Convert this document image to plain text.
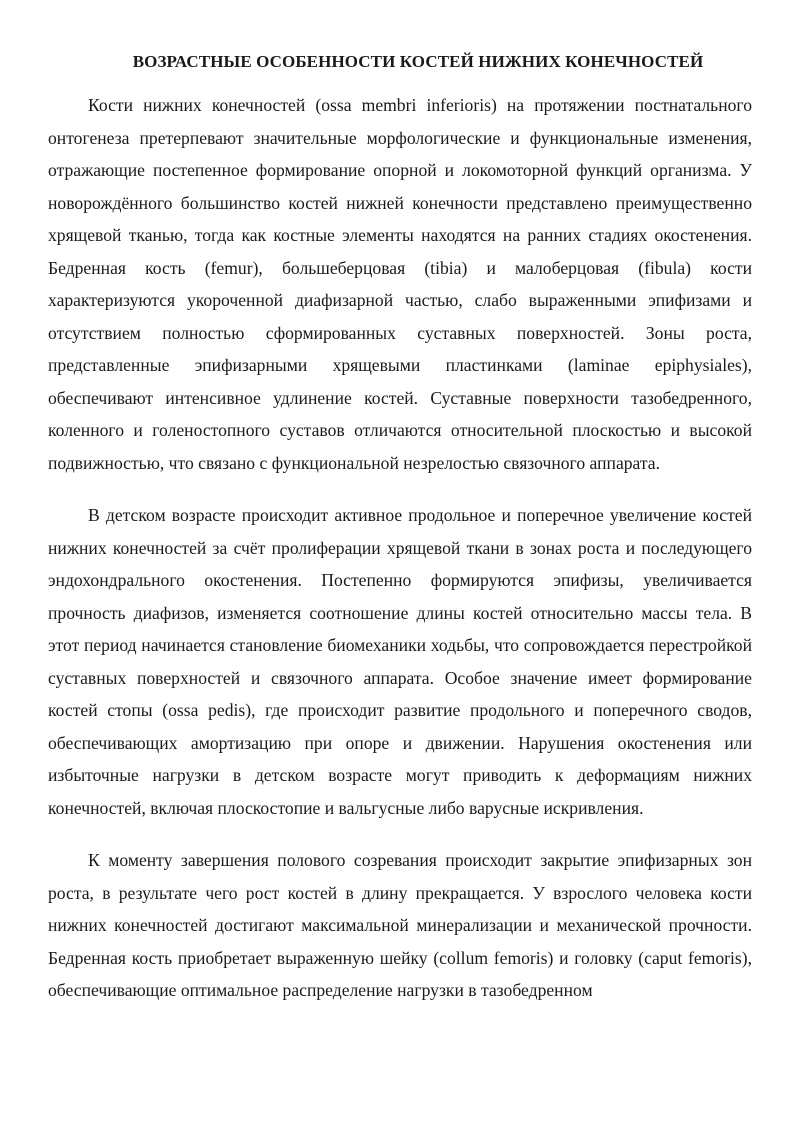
ВОЗРАСТНЫЕ ОСОБЕННОСТИ КОСТЕЙ НИЖНИХ КОНЕЧНОСТЕЙ

Кости нижних конечностей (ossa membri inferioris) на протяжении постнатального онтогенеза претерпевают значительные морфологические и функциональные изменения, отражающие постепенное формирование опорной и локомоторной функций организма. У новорождённого большинство костей нижней конечности представлено преимущественно хрящевой тканью, тогда как костные элементы находятся на ранних стадиях окостенения. Бедренная кость (femur), большеберцовая (tibia) и малоберцовая (fibula) кости характеризуются укороченной диафизарной частью, слабо выраженными эпифизами и отсутствием полностью сформированных суставных поверхностей. Зоны роста, представленные эпифизарными хрящевыми пластинками (laminae epiphysiales), обеспечивают интенсивное удлинение костей. Суставные поверхности тазобедренного, коленного и голеностопного суставов отличаются относительной плоскостью и высокой подвижностью, что связано с функциональной незрелостью связочного аппарата.

В детском возрасте происходит активное продольное и поперечное увеличение костей нижних конечностей за счёт пролиферации хрящевой ткани в зонах роста и последующего эндохондрального окостенения. Постепенно формируются эпифизы, увеличивается прочность диафизов, изменяется соотношение длины костей относительно массы тела. В этот период начинается становление биомеханики ходьбы, что сопровождается перестройкой суставных поверхностей и связочного аппарата. Особое значение имеет формирование костей стопы (ossa pedis), где происходит развитие продольного и поперечного сводов, обеспечивающих амортизацию при опоре и движении. Нарушения окостенения или избыточные нагрузки в детском возрасте могут приводить к деформациям нижних конечностей, включая плоскостопие и вальгусные либо варусные искривления.

К моменту завершения полового созревания происходит закрытие эпифизарных зон роста, в результате чего рост костей в длину прекращается. У взрослого человека кости нижних конечностей достигают максимальной минерализации и механической прочности. Бедренная кость приобретает выраженную шейку (collum femoris) и головку (caput femoris), обеспечивающие оптимальное распределение нагрузки в тазобедренном
